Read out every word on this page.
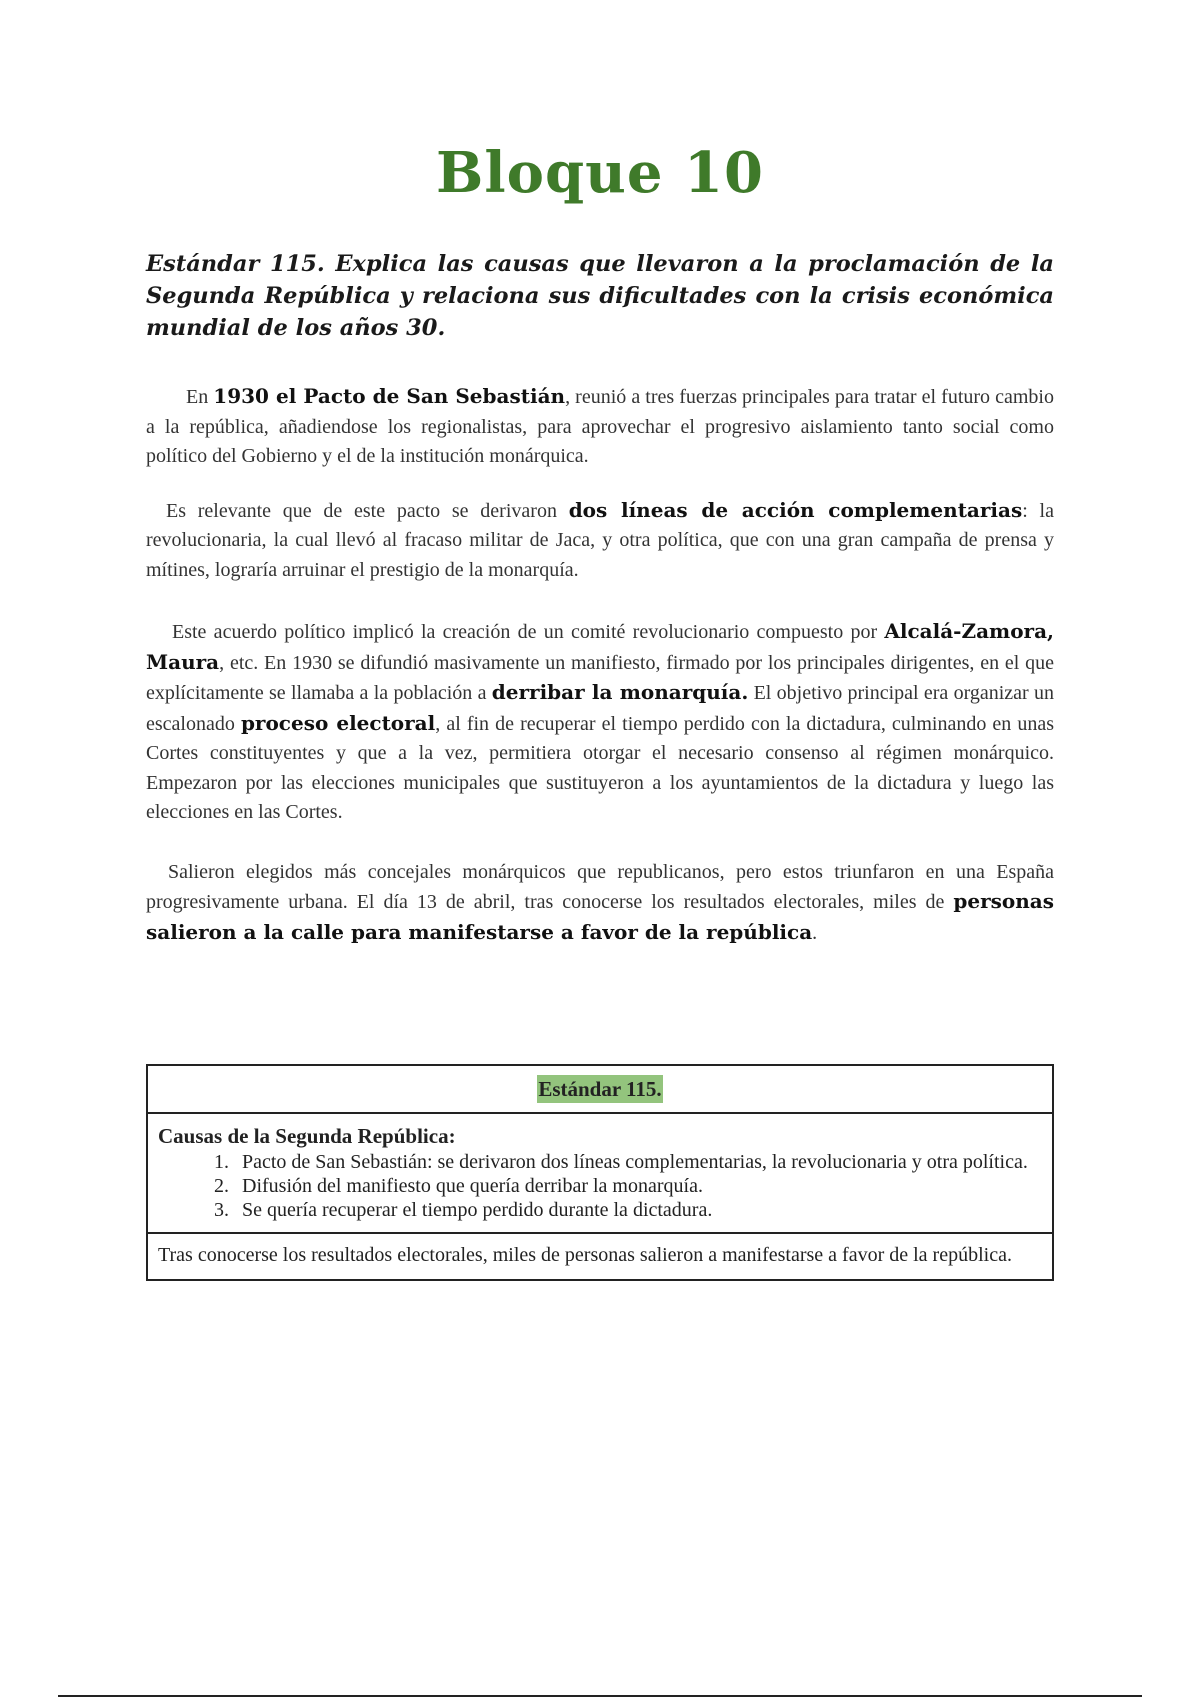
Bloque 10

Estándar 115. Explica las causas que llevaron a la proclamación de la Segunda República y relaciona sus dificultades con la crisis económica mundial de los años 30.

En 1930 el Pacto de San Sebastián, reunió a tres fuerzas principales para tratar el futuro cambio a la república, añadiendose los regionalistas, para aprovechar el progresivo aislamiento tanto social como político del Gobierno y el de la institución monárquica.

Es relevante que de este pacto se derivaron dos líneas de acción complementarias: la revolucionaria, la cual llevó al fracaso militar de Jaca, y otra política, que con una gran campaña de prensa y mítines, lograría arruinar el prestigio de la monarquía.

Este acuerdo político implicó la creación de un comité revolucionario compuesto por Alcalá-Zamora, Maura, etc. En 1930 se difundió masivamente un manifiesto, firmado por los principales dirigentes, en el que explícitamente se llamaba a la población a derribar la monarquía. El objetivo principal era organizar un escalonado proceso electoral, al fin de recuperar el tiempo perdido con la dictadura, culminando en unas Cortes constituyentes y que a la vez, permitiera otorgar el necesario consenso al régimen monárquico. Empezaron por las elecciones municipales que sustituyeron a los ayuntamientos de la dictadura y luego las elecciones en las Cortes.

Salieron elegidos más concejales monárquicos que republicanos, pero estos triunfaron en una España progresivamente urbana. El día 13 de abril, tras conocerse los resultados electorales, miles de personas salieron a la calle para manifestarse a favor de la república.

Estándar 115.
Causas de la Segunda República:
1. Pacto de San Sebastián: se derivaron dos líneas complementarias, la revolucionaria y otra política.
2. Difusión del manifiesto que quería derribar la monarquía.
3. Se quería recuperar el tiempo perdido durante la dictadura.
Tras conocerse los resultados electorales, miles de personas salieron a manifestarse a favor de la república.
